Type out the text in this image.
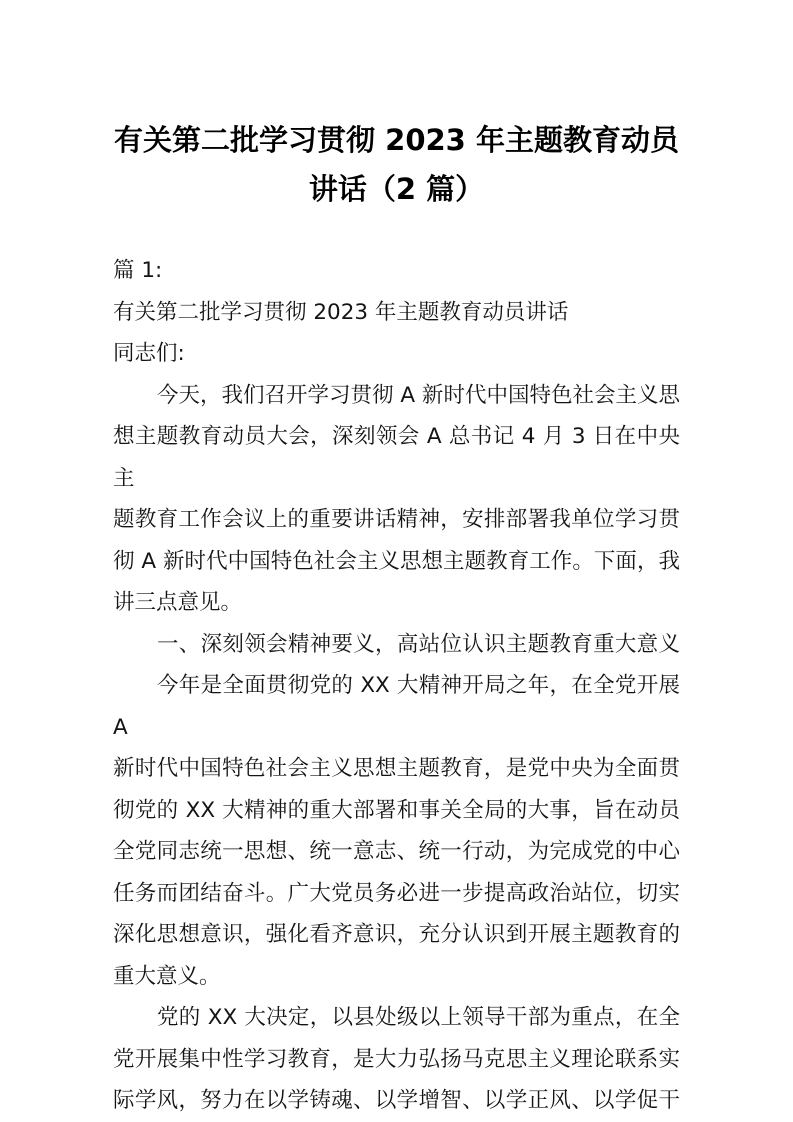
有关第二批学习贯彻 2023 年主题教育动员
讲话（2 篇）
篇 1:
有关第二批学习贯彻 2023 年主题教育动员讲话
同志们:
今天，我们召开学习贯彻 A 新时代中国特色社会主义思
想主题教育动员大会，深刻领会 A 总书记 4 月 3 日在中央主
题教育工作会议上的重要讲话精神，安排部署我单位学习贯
彻 A 新时代中国特色社会主义思想主题教育工作。下面，我
讲三点意见。
一、深刻领会精神要义，高站位认识主题教育重大意义
今年是全面贯彻党的 XX 大精神开局之年，在全党开展 A
新时代中国特色社会主义思想主题教育，是党中央为全面贯
彻党的 XX 大精神的重大部署和事关全局的大事，旨在动员
全党同志统一思想、统一意志、统一行动，为完成党的中心
任务而团结奋斗。广大党员务必进一步提高政治站位，切实
深化思想意识，强化看齐意识，充分认识到开展主题教育的
重大意义。
党的 XX 大决定，以县处级以上领导干部为重点，在全
党开展集中性学习教育，是大力弘扬马克思主义理论联系实
际学风，努力在以学铸魂、以学增智、以学正风、以学促干
